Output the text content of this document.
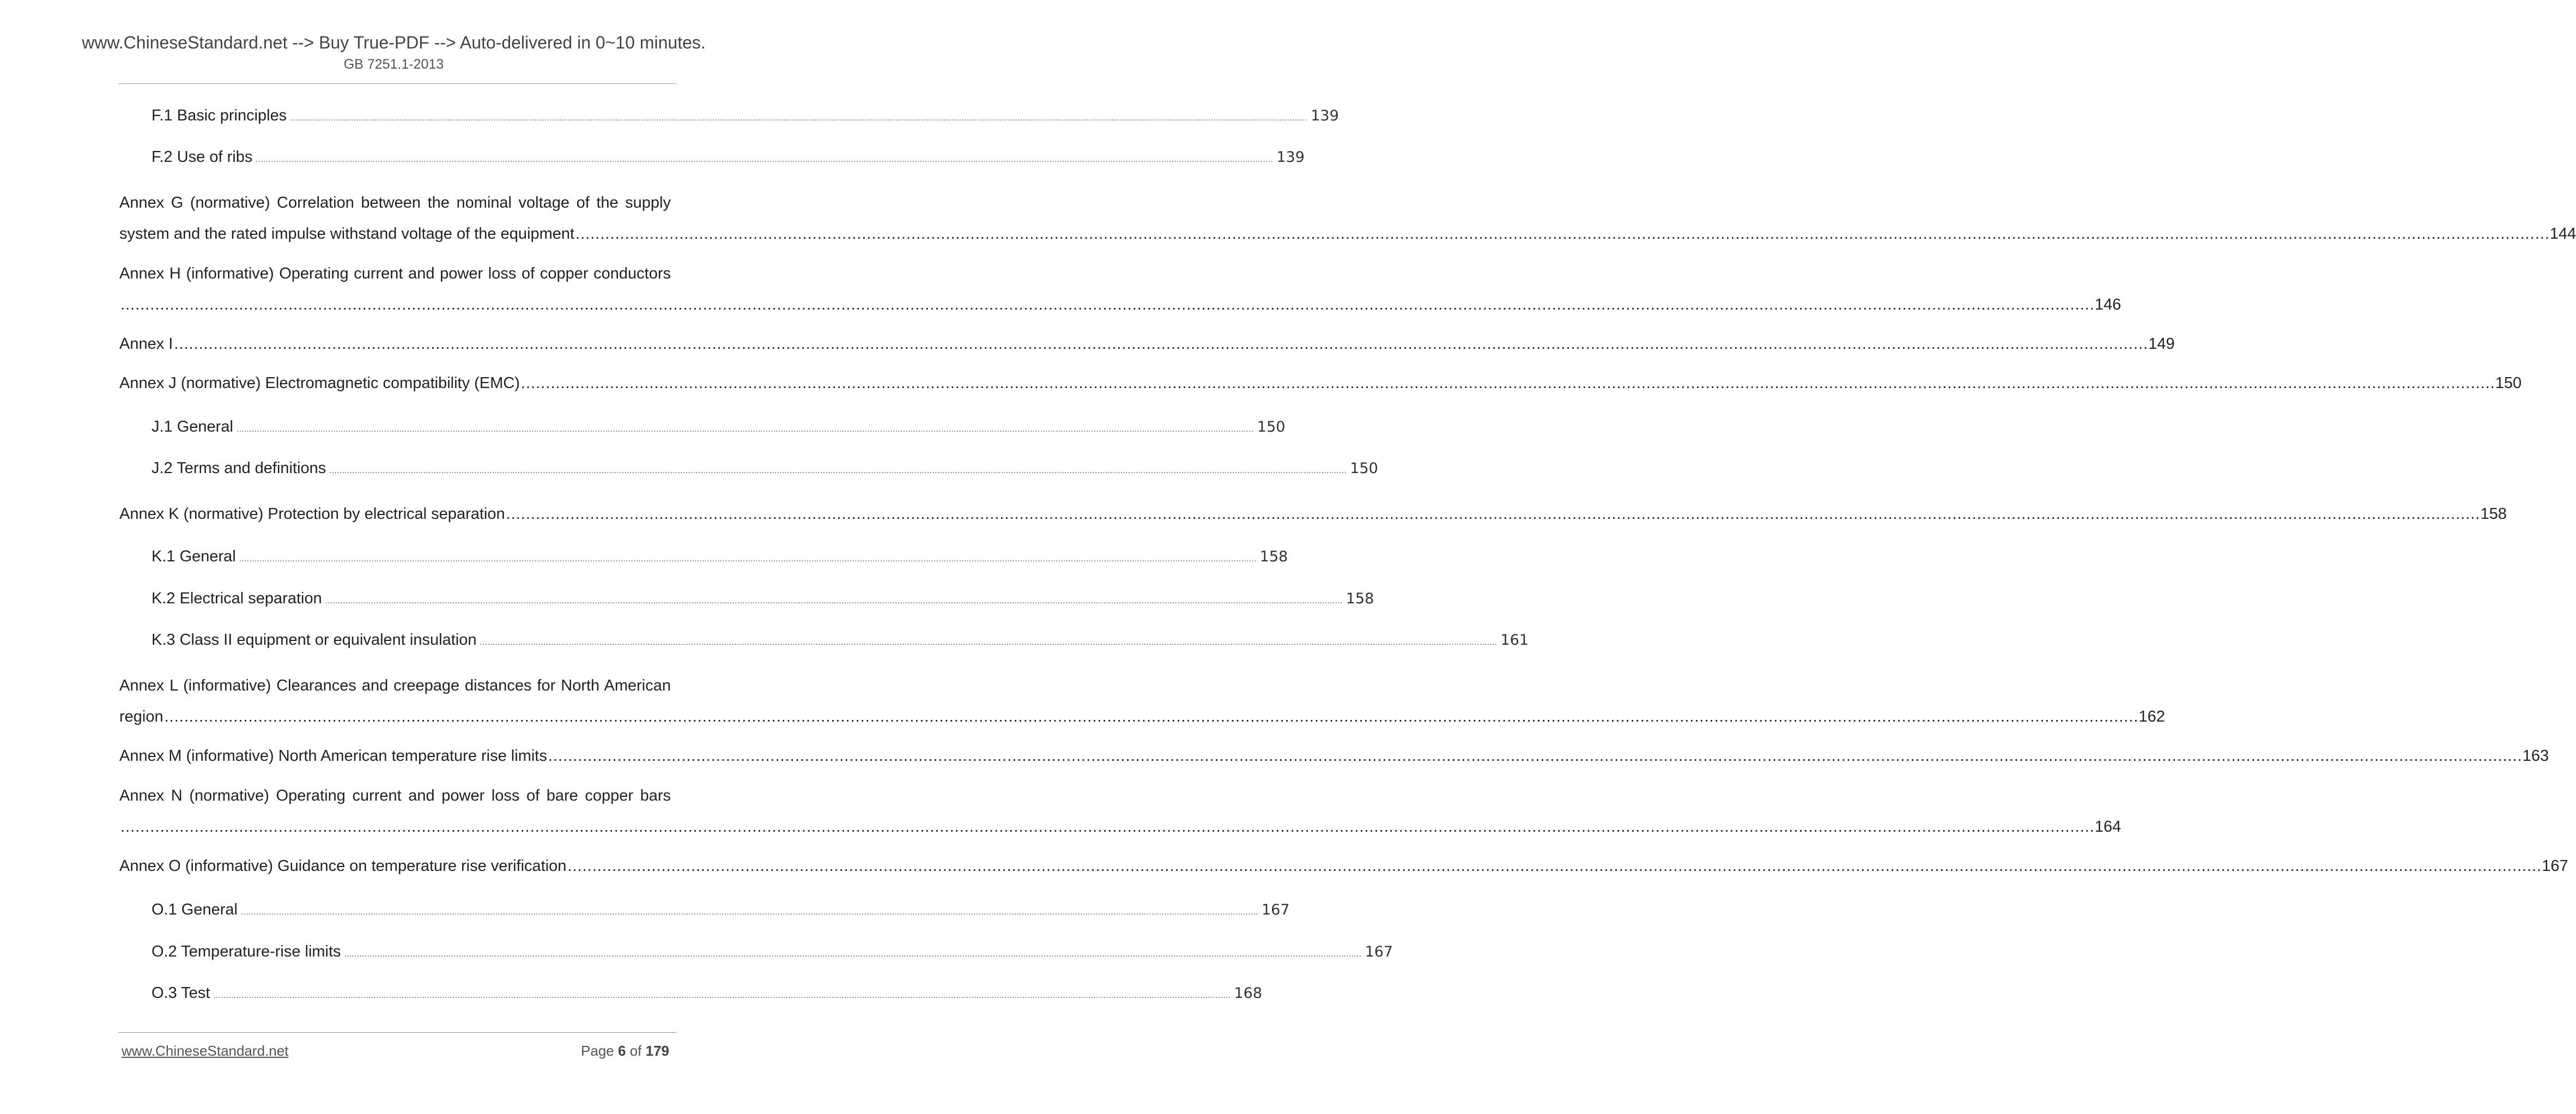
www.ChineseStandard.net --> Buy True-PDF --> Auto-delivered in 0~10 minutes.
GB 7251.1-2013
F.1 Basic principles ................................................................................................................................................................................................................................................................................................................................................................................................................ 139
F.2 Use of ribs ................................................................................................................................................................................................................................................................................................................................................................................................................ 139
Annex G (normative) Correlation between the nominal voltage of the supply
system and the rated impulse withstand voltage of the equipment ................................................................................................................................................................................................................................................................................................................................................................................................................ 144
Annex H (informative) Operating current and power loss of copper conductors
................................................................................................................................................................................................................................................................................................................................................................................................................ 146
Annex I ................................................................................................................................................................................................................................................................................................................................................................................................................ 149
Annex J (normative) Electromagnetic compatibility (EMC) ................................................................................................................................................................................................................................................................................................................................................................................................................ 150
J.1 General ................................................................................................................................................................................................................................................................................................................................................................................................................ 150
J.2 Terms and definitions ................................................................................................................................................................................................................................................................................................................................................................................................................ 150
Annex K (normative) Protection by electrical separation ................................................................................................................................................................................................................................................................................................................................................................................................................ 158
K.1 General ................................................................................................................................................................................................................................................................................................................................................................................................................ 158
K.2 Electrical separation ................................................................................................................................................................................................................................................................................................................................................................................................................ 158
K.3 Class II equipment or equivalent insulation ................................................................................................................................................................................................................................................................................................................................................................................................................ 161
Annex L (informative) Clearances and creepage distances for North American
region ................................................................................................................................................................................................................................................................................................................................................................................................................ 162
Annex M (informative) North American temperature rise limits ................................................................................................................................................................................................................................................................................................................................................................................................................ 163
Annex N (normative) Operating current and power loss of bare copper bars
................................................................................................................................................................................................................................................................................................................................................................................................................ 164
Annex O (informative) Guidance on temperature rise verification ................................................................................................................................................................................................................................................................................................................................................................................................................ 167
O.1 General ................................................................................................................................................................................................................................................................................................................................................................................................................ 167
O.2 Temperature-rise limits ................................................................................................................................................................................................................................................................................................................................................................................................................ 167
O.3 Test ................................................................................................................................................................................................................................................................................................................................................................................................................ 168
www.ChineseStandard.net	Page 6 of 179
